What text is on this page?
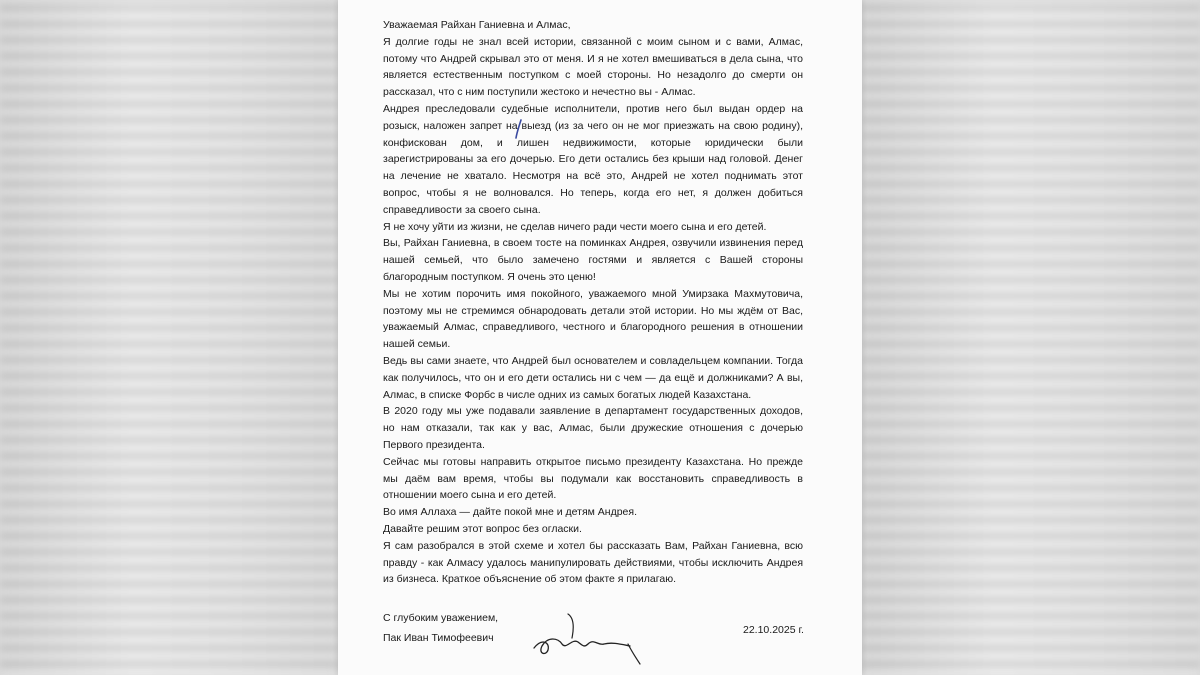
Уважаемая Райхан Ганиевна и Алмас,

Я долгие годы не знал всей истории, связанной с моим сыном и с вами, Алмас, потому что Андрей скрывал это от меня. И я не хотел вмешиваться в дела сына, что является естественным поступком с моей стороны. Но незадолго до смерти он рассказал, что с ним поступили жестоко и нечестно вы - Алмас.

Андрея преследовали судебные исполнители, против него был выдан ордер на розыск, наложен запрет на выезд (из за чего он не мог приезжать на свою родину), конфискован дом, и лишен недвижимости, которые юридически были зарегистрированы за его дочерью. Его дети остались без крыши над головой. Денег на лечение не хватало. Несмотря на всё это, Андрей не хотел поднимать этот вопрос, чтобы я не волновался. Но теперь, когда его нет, я должен добиться справедливости за своего сына.

Я не хочу уйти из жизни, не сделав ничего ради чести моего сына и его детей.

Вы, Райхан Ганиевна, в своем тосте на поминках Андрея, озвучили извинения перед нашей семьей, что было замечено гостями и является с Вашей стороны благородным поступком. Я очень это ценю!

Мы не хотим порочить имя покойного, уважаемого мной Умирзака Махмутовича, поэтому мы не стремимся обнародовать детали этой истории. Но мы ждём от Вас, уважаемый Алмас, справедливого, честного и благородного решения в отношении нашей семьи.

Ведь вы сами знаете, что Андрей был основателем и совладельцем компании. Тогда как получилось, что он и его дети остались ни с чем — да ещё и должниками? А вы, Алмас, в списке Форбс в числе одних из самых богатых людей Казахстана.

В 2020 году мы уже подавали заявление в департамент государственных доходов, но нам отказали, так как у вас, Алмас, были дружеские отношения с дочерью Первого президента.

Сейчас мы готовы направить открытое письмо президенту Казахстана. Но прежде мы даём вам время, чтобы вы подумали как восстановить справедливость в отношении моего сына и его детей.

Во имя Аллаха — дайте покой мне и детям Андрея.

Давайте решим этот вопрос без огласки.

Я сам разобрался в этой схеме и хотел бы рассказать Вам, Райхан Ганиевна, всю правду - как Алмасу удалось манипулировать действиями, чтобы исключить Андрея из бизнеса. Краткое объяснение об этом факте я прилагаю.

С глубоким уважением,
Пак Иван Тимофеевич
22.10.2025 г.
